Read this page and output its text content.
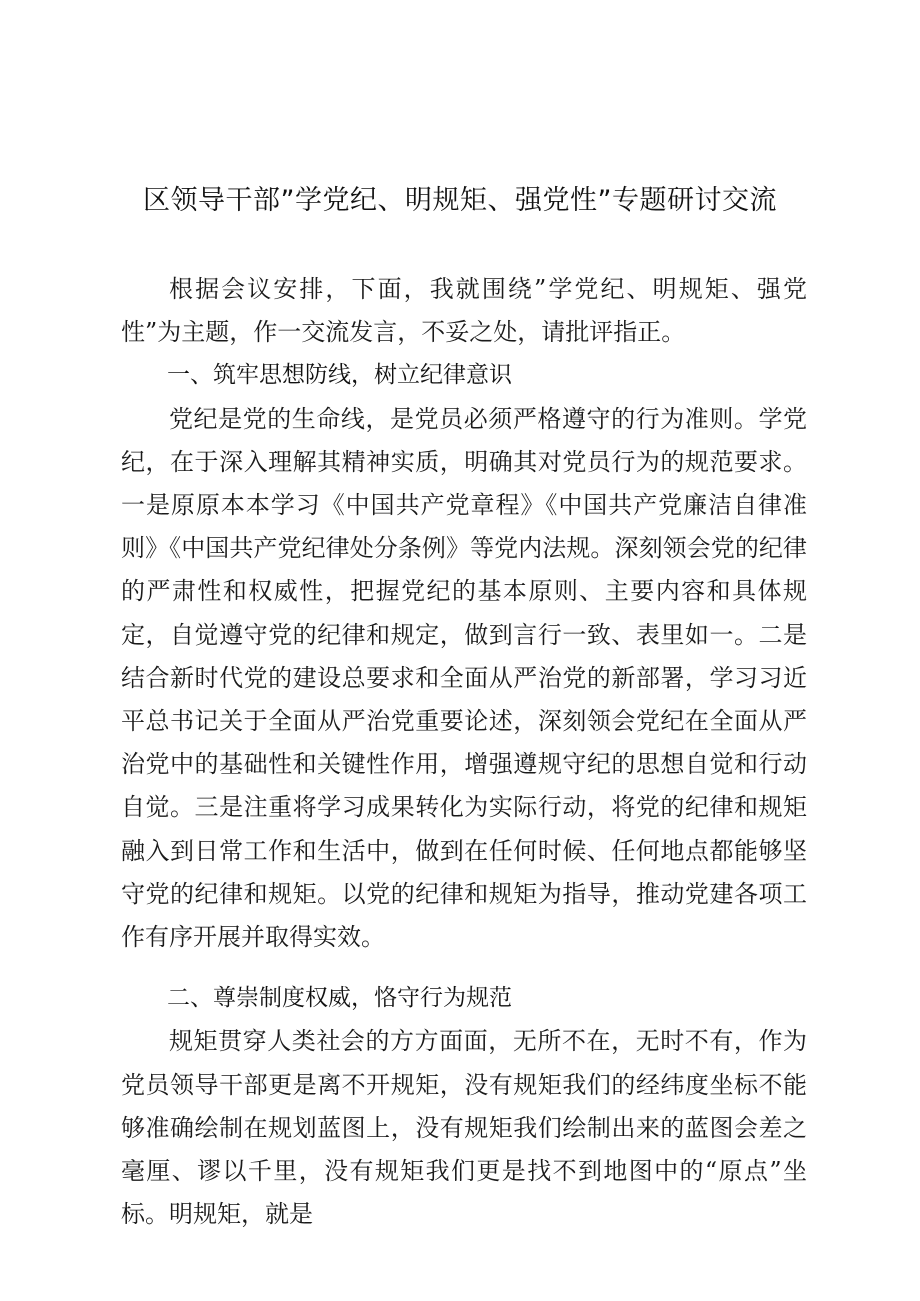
区领导干部”学党纪、明规矩、强党性”专题研讨交流

根据会议安排，下面，我就围绕”学党纪、明规矩、强党性”为主题，作一交流发言，不妥之处，请批评指正。

一、筑牢思想防线，树立纪律意识

党纪是党的生命线，是党员必须严格遵守的行为准则。学党纪，在于深入理解其精神实质，明确其对党员行为的规范要求。一是原原本本学习《中国共产党章程》《中国共产党廉洁自律准则》《中国共产党纪律处分条例》等党内法规。深刻领会党的纪律的严肃性和权威性，把握党纪的基本原则、主要内容和具体规定，自觉遵守党的纪律和规定，做到言行一致、表里如一。二是结合新时代党的建设总要求和全面从严治党的新部署，学习习近平总书记关于全面从严治党重要论述，深刻领会党纪在全面从严治党中的基础性和关键性作用，增强遵规守纪的思想自觉和行动自觉。三是注重将学习成果转化为实际行动，将党的纪律和规矩融入到日常工作和生活中，做到在任何时候、任何地点都能够坚守党的纪律和规矩。以党的纪律和规矩为指导，推动党建各项工作有序开展并取得实效。

二、尊崇制度权威，恪守行为规范

规矩贯穿人类社会的方方面面，无所不在，无时不有，作为党员领导干部更是离不开规矩，没有规矩我们的经纬度坐标不能够准确绘制在规划蓝图上，没有规矩我们绘制出来的蓝图会差之毫厘、谬以千里，没有规矩我们更是找不到地图中的“原点”坐标。明规矩，就是
